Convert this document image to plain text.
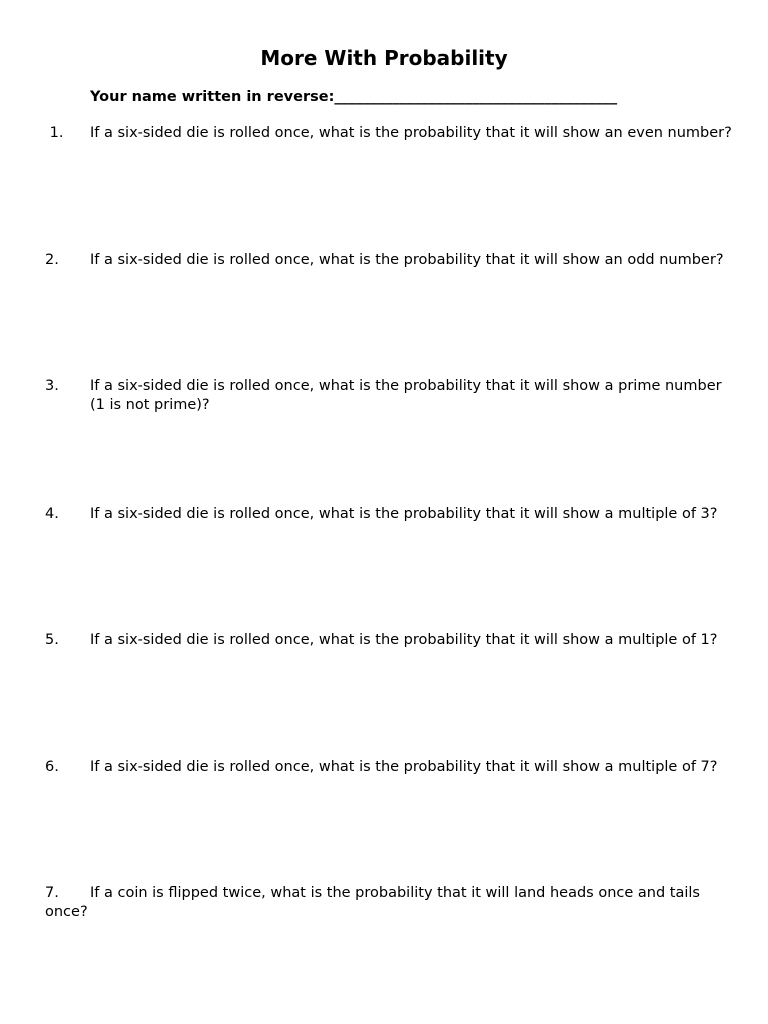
More With Probability
Your name written in reverse:_______________________________________
1. If a six-sided die is rolled once, what is the probability that it will show an even number?
2. If a six-sided die is rolled once, what is the probability that it will show an odd number?
3. If a six-sided die is rolled once, what is the probability that it will show a prime number (1 is not prime)?
4. If a six-sided die is rolled once, what is the probability that it will show a multiple of 3?
5. If a six-sided die is rolled once, what is the probability that it will show a multiple of 1?
6. If a six-sided die is rolled once, what is the probability that it will show a multiple of 7?
7. If a coin is flipped twice, what is the probability that it will land heads once and tails once?
